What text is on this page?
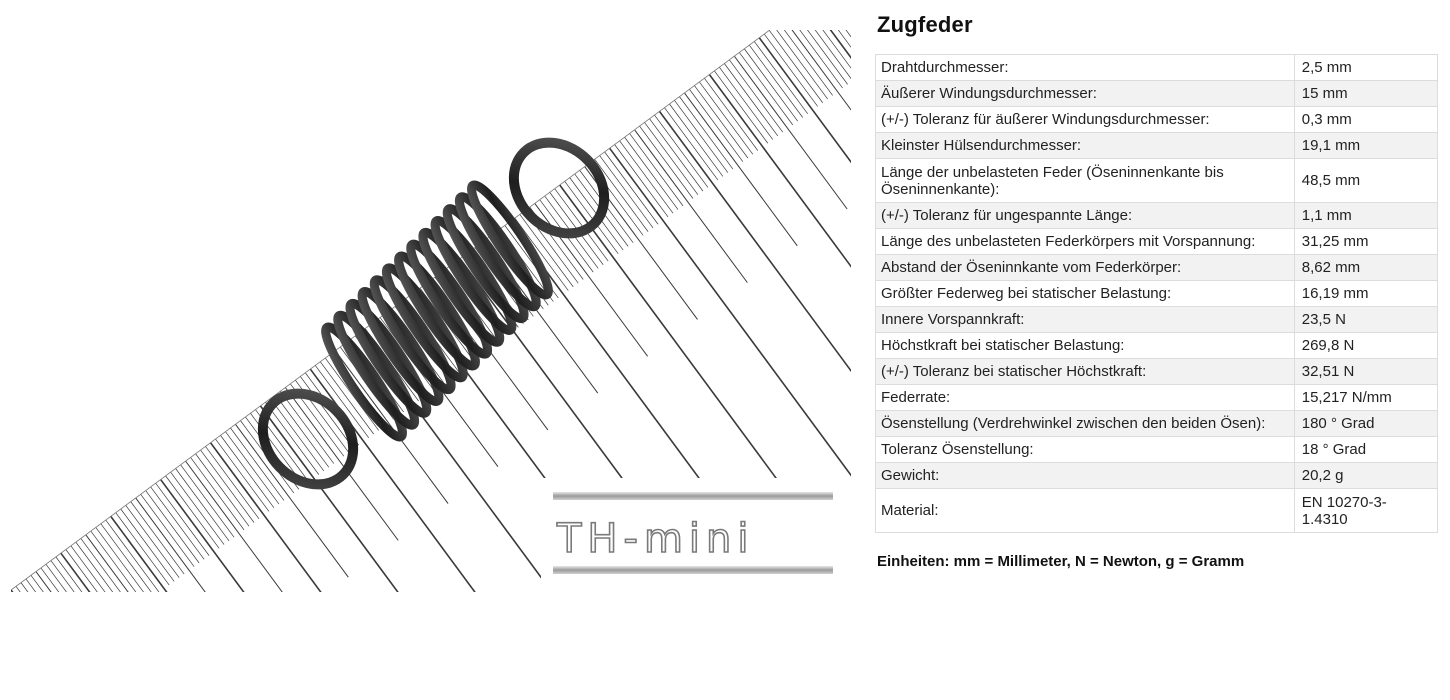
TH-mini
Zugfeder
Drahtdurchmesser:	2,5 mm
Äußerer Windungsdurchmesser:	15 mm
(+/-) Toleranz für äußerer Windungsdurchmesser:	0,3 mm
Kleinster Hülsendurchmesser:	19,1 mm
Länge der unbelasteten Feder (Öseninnenkante bis Öseninnenkante):	48,5 mm
(+/-) Toleranz für ungespannte Länge:	1,1 mm
Länge des unbelasteten Federkörpers mit Vorspannung:	31,25 mm
Abstand der Öseninnkante vom Federkörper:	8,62 mm
Größter Federweg bei statischer Belastung:	16,19 mm
Innere Vorspannkraft:	23,5 N
Höchstkraft bei statischer Belastung:	269,8 N
(+/-) Toleranz bei statischer Höchstkraft:	32,51 N
Federrate:	15,217 N/mm
Ösenstellung (Verdrehwinkel zwischen den beiden Ösen):	180 ° Grad
Toleranz Ösenstellung:	18 ° Grad
Gewicht:	20,2 g
Material:	EN 10270-3-1.4310
Einheiten: mm = Millimeter, N = Newton, g = Gramm
